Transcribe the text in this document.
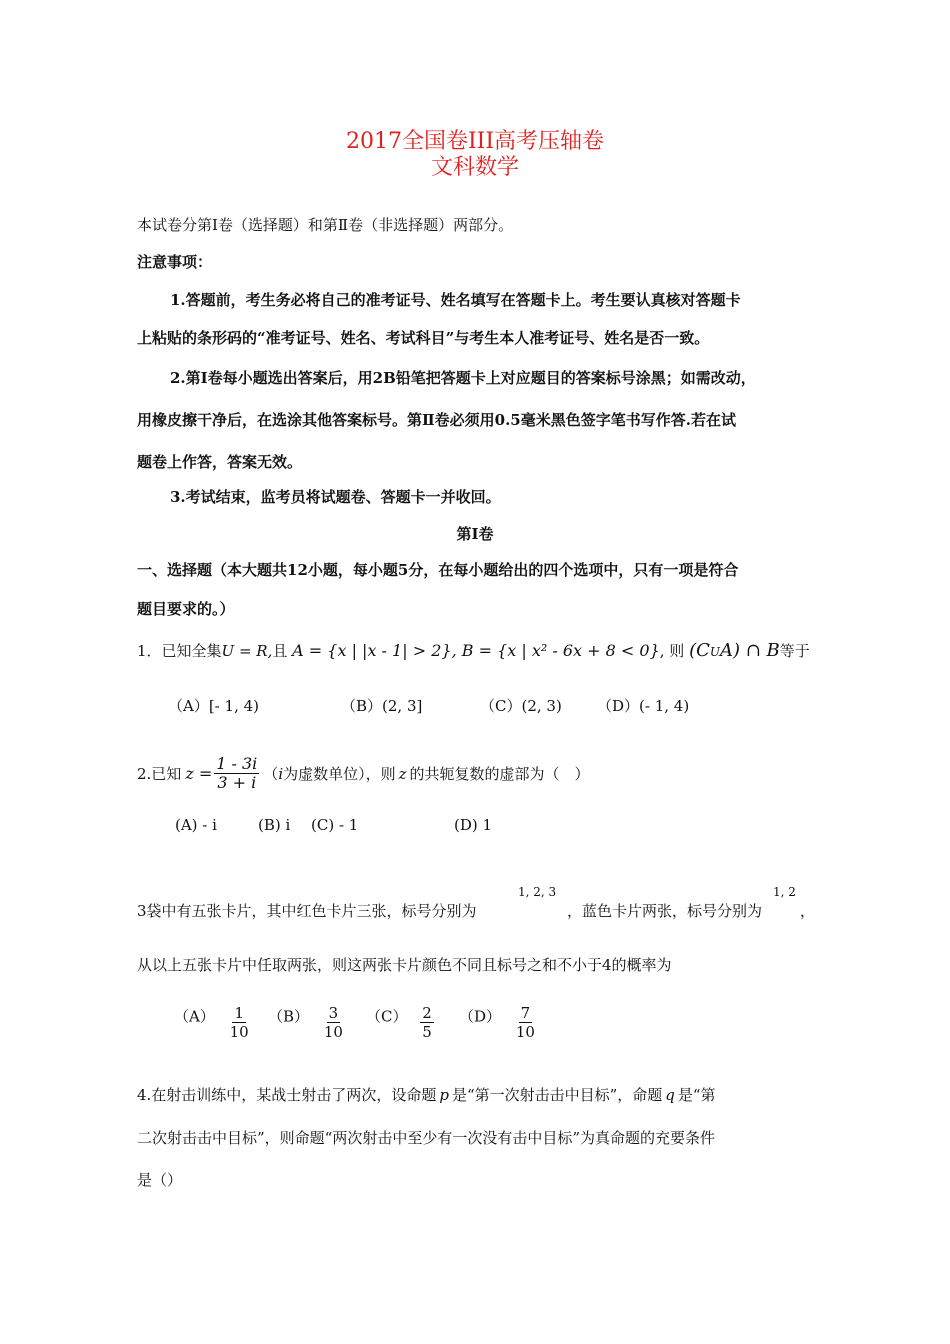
2017全国卷III高考压轴卷
文科数学
本试卷分第Ⅰ卷（选择题）和第Ⅱ卷（非选择题）两部分。
注意事项：
1.答题前，考生务必将自己的准考证号、姓名填写在答题卡上。考生要认真核对答题卡
上粘贴的条形码的“准考证号、姓名、考试科目”与考生本人准考证号、姓名是否一致。
2.第Ⅰ卷每小题选出答案后，用2B铅笔把答题卡上对应题目的答案标号涂黑；如需改动，
用橡皮擦干净后，在选涂其他答案标号。第Ⅱ卷必须用0.5毫米黑色签字笔书写作答.若在试
题卷上作答，答案无效。
3.考试结束，监考员将试题卷、答题卡一并收回。
第Ⅰ卷
一、选择题（本大题共12小题，每小题5分，在每小题给出的四个选项中，只有一项是符合
题目要求的。）
1．已知全集U = R,且 A = {x | |x - 1| > 2}, B = {x | x² - 6x + 8 < 0}, 则 (CUA) ∩ B等于
（A）[- 1, 4)	（B）(2, 3]	（C）(2, 3) （D）(- 1, 4)
2.已知 $z = \frac{1 - 3i}{3 + i}$ （ i 为虚数单位），则 z 的共轭复数的虚部为（　）
(A) - i	(B) i (C) - 1	(D) 1
3袋中有五张卡片，其中红色卡片三张，标号分别为
1, 2, 3
，蓝色卡片两张，标号分别为
1, 2
，
从以上五张卡片中任取两张，则这两张卡片颜色不同且标号之和不小于4的概率为
$(A) \frac{1}{10} (B) \frac{3}{10} (C) \frac{2}{5} (D) \frac{7}{10}$
4.在射击训练中，某战士射击了两次，设命题 p 是“第一次射击击中目标”，命题 q 是“第
二次射击击中目标”，则命题“两次射击中至少有一次没有击中目标”为真命题的充要条件
是（）
